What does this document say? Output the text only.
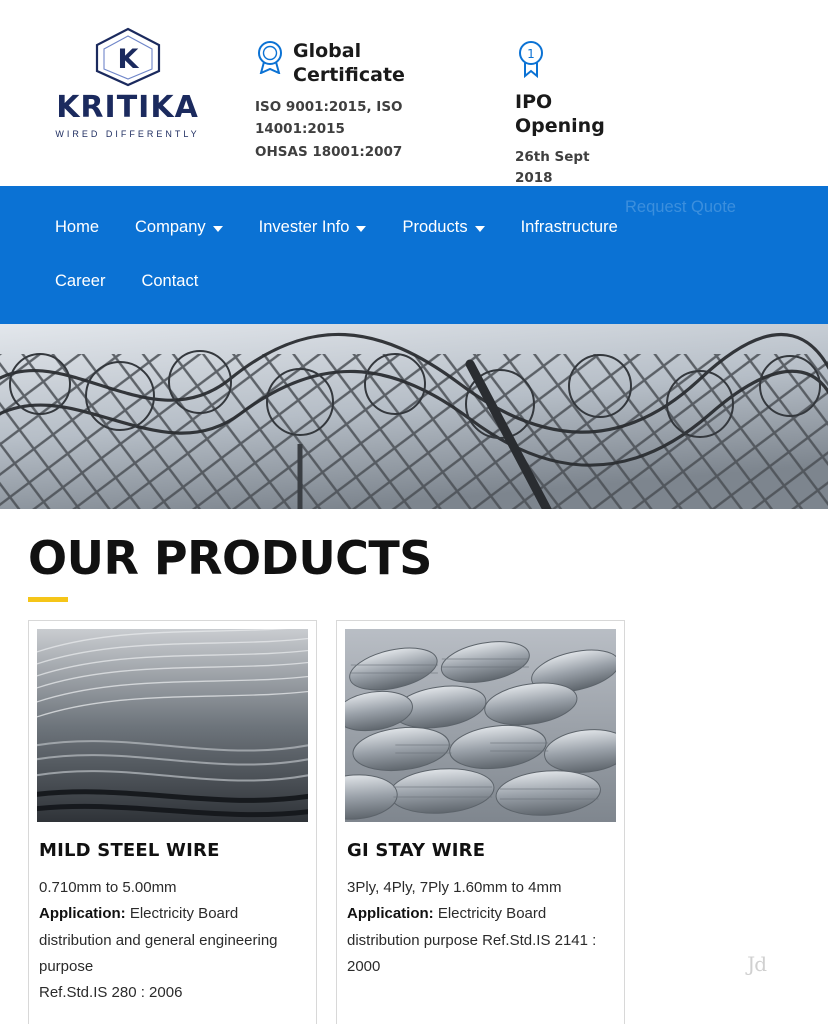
K
KRITIKA
WIRED DIFFERENTLY
Global Certificate
ISO 9001:2015, ISO 14001:2015
OHSAS 18001:2007
1
IPO Opening
26th Sept 2018
Home Company	Invester Info	Products	Infrastructure
Career Contact
Request Quote
OUR PRODUCTS
MILD STEEL WIRE
0.710mm to 5.00mm
Application: Electricity Board distribution and general engineering purpose
Ref.Std.IS 280 : 2006
GI STAY WIRE
3Ply, 4Ply, 7Ply 1.60mm to 4mm
Application: Electricity Board distribution purpose Ref.Std.IS 2141 : 2000	Jd
